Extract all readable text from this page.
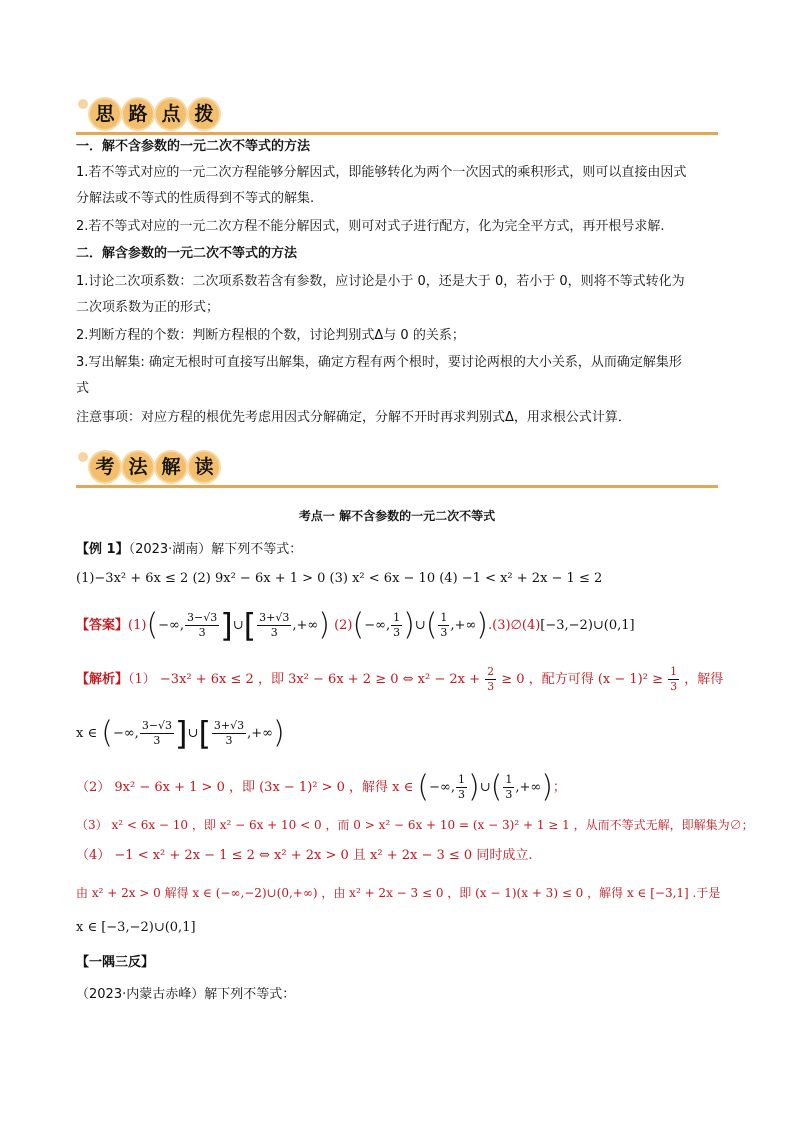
思 路 点 拨
一．解不含参数的一元二次不等式的方法
1.若不等式对应的一元二次方程能够分解因式，即能够转化为两个一次因式的乘积形式，则可以直接由因式
分解法或不等式的性质得到不等式的解集.
2.若不等式对应的一元二次方程不能分解因式，则可对式子进行配方，化为完全平方式，再开根号求解.
二．解含参数的一元二次不等式的方法
1.讨论二次项系数：二次项系数若含有参数，应讨论是小于 0，还是大于 0，若小于 0，则将不等式转化为
二次项系数为正的形式；
2.判断方程的个数：判断方程根的个数，讨论判别式Δ与 0 的关系；
3.写出解集: 确定无根时可直接写出解集，确定方程有两个根时，要讨论两根的大小关系，从而确定解集形
式
注意事项：对应方程的根优先考虑用因式分解确定，分解不开时再求判别式Δ，用求根公式计算．
考 法 解 读
考点一 解不含参数的一元二次不等式
【例 1】（2023·湖南）解下列不等式：
(1)−3x² + 6x ≤ 2 (2) 9x² − 6x + 1 > 0 (3) x² < 6x − 10 (4) −1 < x² + 2x − 1 ≤ 2
【答案】(1)(−∞, $\frac{3-√3}{3}$ ]∪[ $\frac{3+√3}{3}$ ,+∞) (2)(−∞, $\frac{1}{3}$ )∪( $\frac{1}{3}$ ,+∞).(3)∅(4)[−3,−2)∪(0,1]
【解析】（1） −3x² + 6x ≤ 2 ，即 3x² − 6x + 2 ≥ 0 ⇔ $x^2 - 2x + \frac{2}{3} \ge 0$ ，配方可得 $(x - 1)^2 \ge \frac{1}{3}$ ，解得
x ∈ (−∞, $\frac{3-√3}{3}$ ]∪[ $\frac{3+√3}{3}$ ,+∞)
（2） 9x² − 6x + 1 > 0 ，即 (3x − 1)² > 0 ，解得 x ∈ (−∞, $\frac{1}{3}$ )∪( $\frac{1}{3}$ ,+∞)；
（3） x² < 6x − 10 ，即 x² − 6x + 10 < 0 ，而 0 > x² − 6x + 10 = (x − 3)² + 1 ≥ 1 ，从而不等式无解，即解集为∅；
（4） −1 < x² + 2x − 1 ≤ 2 ⇔ x² + 2x > 0 且 x² + 2x − 3 ≤ 0 同时成立.
由 x² + 2x > 0 解得 x ∈ (−∞,−2)∪(0,+∞) ，由 x² + 2x − 3 ≤ 0 ，即 (x − 1)(x + 3) ≤ 0 ，解得 x ∈ [−3,1] .于是
x ∈ [−3,−2)∪(0,1]
【一隅三反】
（2023·内蒙古赤峰）解下列不等式：
